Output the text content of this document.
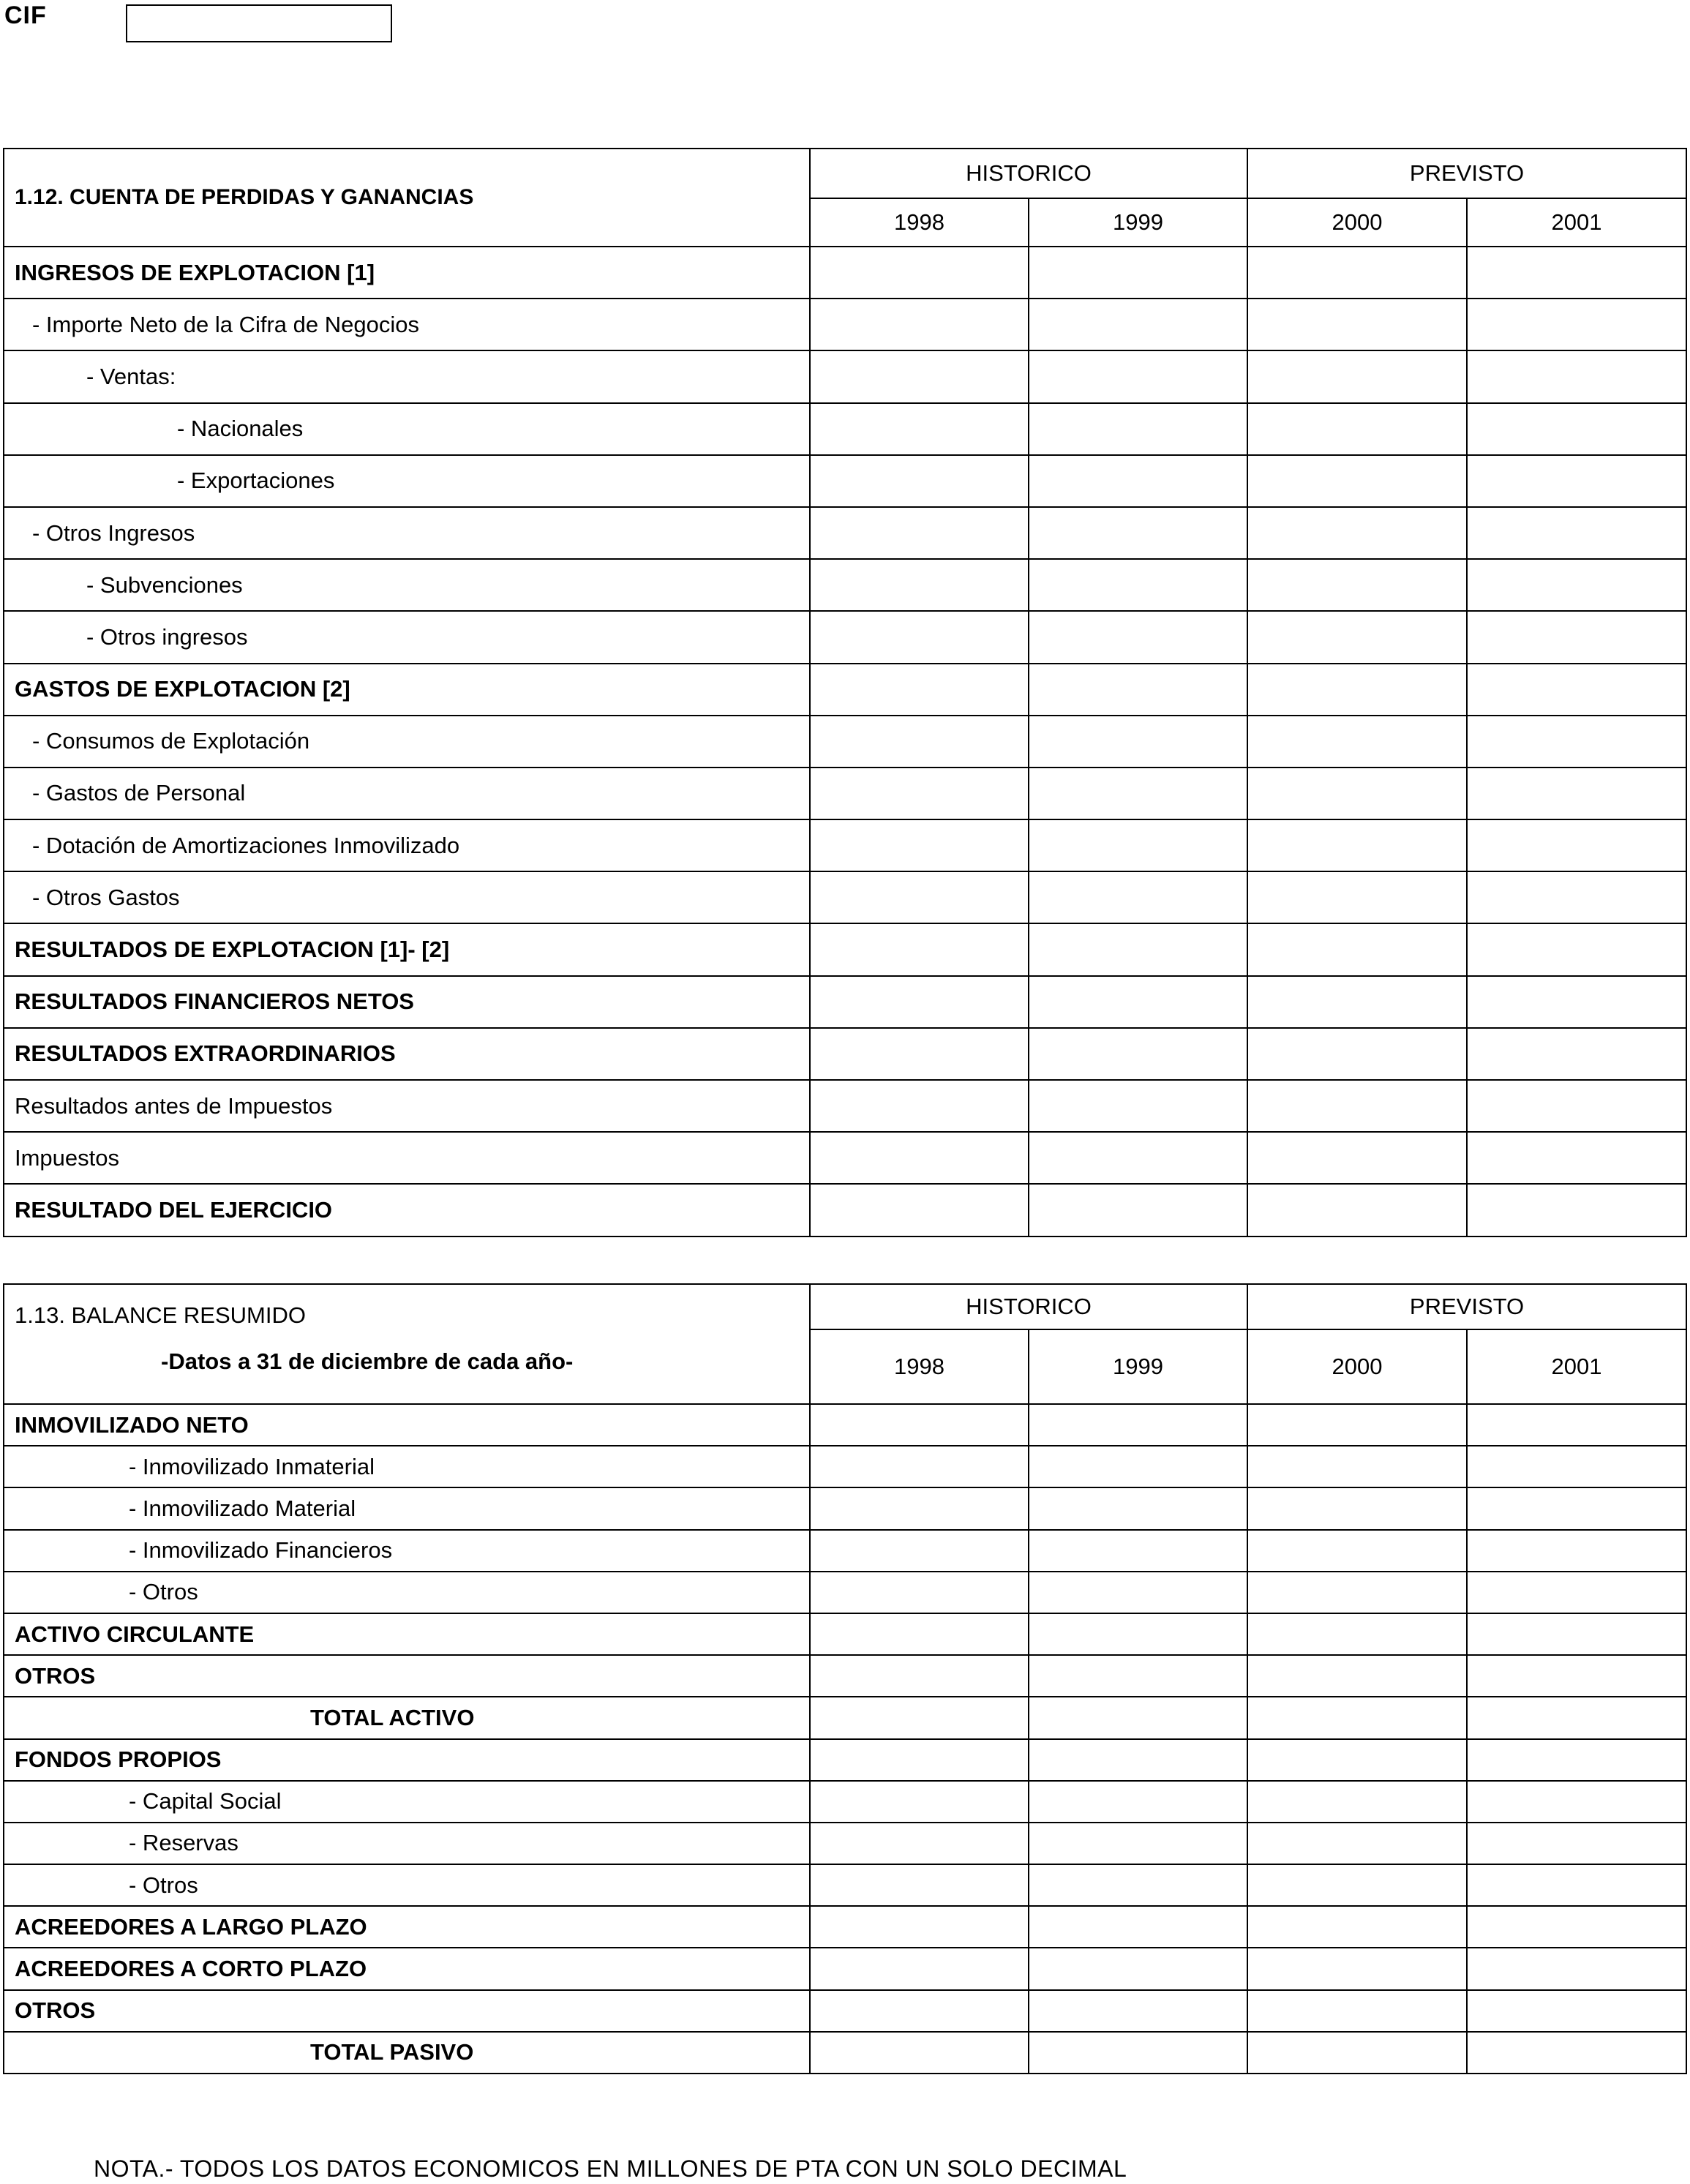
CIF
1.12. CUENTA DE PERDIDAS Y GANANCIAS	HISTORICO		PREVISTO	
	1998	1999	2000	2001
INGRESOS DE EXPLOTACION [1]				
- Importe Neto de la Cifra de Negocios				
- Ventas:				
- Nacionales				
- Exportaciones				
- Otros Ingresos				
- Subvenciones				
- Otros ingresos				
GASTOS DE EXPLOTACION [2]				
- Consumos de Explotación				
- Gastos de Personal				
- Dotación de Amortizaciones Inmovilizado				
- Otros Gastos				
RESULTADOS DE EXPLOTACION [1]- [2]				
RESULTADOS FINANCIEROS NETOS				
RESULTADOS EXTRAORDINARIOS				
Resultados antes de Impuestos				
Impuestos				
RESULTADO DEL EJERCICIO				
1.13. BALANCE RESUMIDO
-Datos a 31 de diciembre de cada año-	HISTORICO		PREVISTO	
	1998	1999	2000	2001
INMOVILIZADO NETO				
- Inmovilizado Inmaterial				
- Inmovilizado Material				
- Inmovilizado Financieros				
- Otros				
ACTIVO CIRCULANTE				
OTROS				
TOTAL ACTIVO				
FONDOS PROPIOS				
- Capital Social				
- Reservas				
- Otros				
ACREEDORES A LARGO PLAZO				
ACREEDORES A CORTO PLAZO				
OTROS				
TOTAL PASIVO				
NOTA.- TODOS LOS DATOS ECONOMICOS EN MILLONES DE PTA CON UN SOLO DECIMAL
